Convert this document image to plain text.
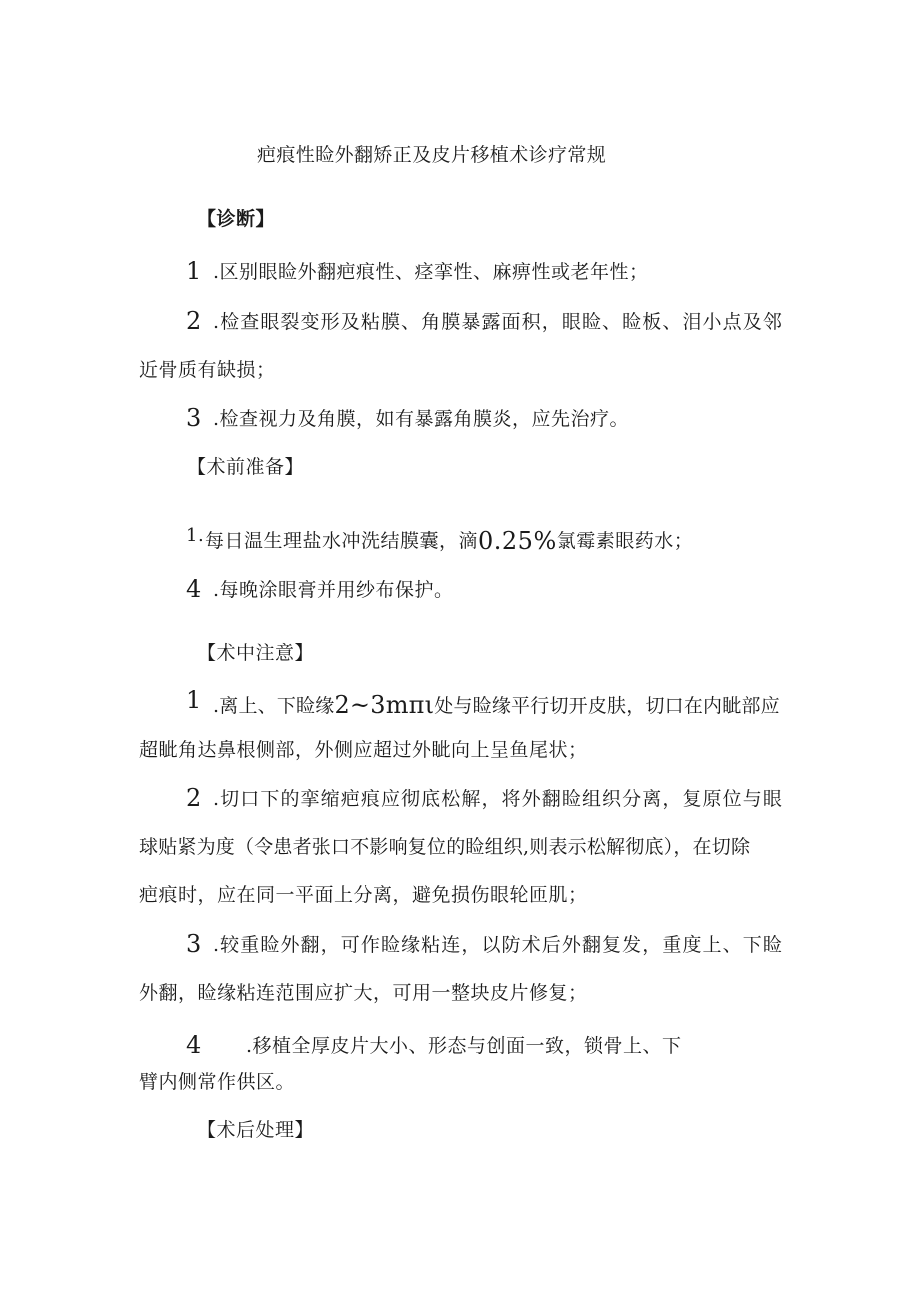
疤痕性睑外翻矫正及皮片移植术诊疗常规
【诊断】
1 .区别眼睑外翻疤痕性、痉挛性、麻痹性或老年性；
2 .检查眼裂变形及粘膜、角膜暴露面积，眼睑、睑板、泪小点及邻
近骨质有缺损；
3 .检查视力及角膜，如有暴露角膜炎，应先治疗。
【术前准备】
1. 每日温生理盐水冲洗结膜囊，滴0.25%氯霉素眼药水；
4 .每晚涂眼膏并用纱布保护。
【术中注意】
1 .离上、下睑缘2~3mπι处与睑缘平行切开皮肤，切口在内眦部应
超眦角达鼻根侧部，外侧应超过外眦向上呈鱼尾状；
2 .切口下的挛缩疤痕应彻底松解，将外翻睑组织分离，复原位与眼
球贴紧为度（令患者张口不影响复位的睑组织,则表示松解彻底），在切除
疤痕时，应在同一平面上分离，避免损伤眼轮匝肌；
3 .较重睑外翻，可作睑缘粘连，以防术后外翻复发，重度上、下睑
外翻，睑缘粘连范围应扩大，可用一整块皮片修复；
4 .移植全厚皮片大小、形态与创面一致，锁骨上、下
臂内侧常作供区。
【术后处理】
